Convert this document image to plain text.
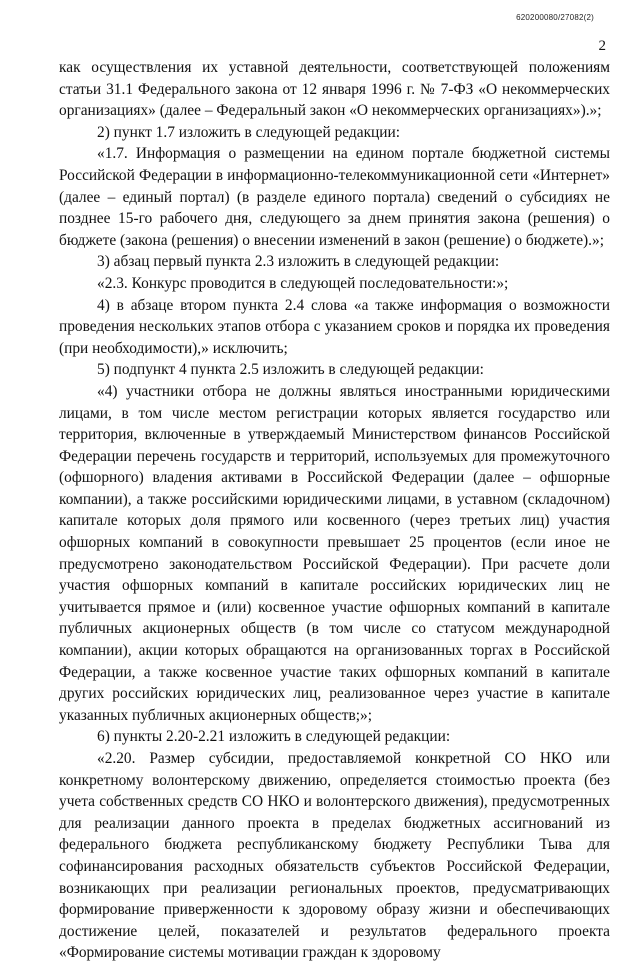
620200080/27082(2)
2

как осуществления их уставной деятельности, соответствующей положениям статьи 31.1 Федерального закона от 12 января 1996 г. № 7-ФЗ «О некоммерческих организациях» (далее – Федеральный закон «О некоммерческих организациях»).»;

2) пункт 1.7 изложить в следующей редакции:

«1.7. Информация о размещении на едином портале бюджетной системы Российской Федерации в информационно-телекоммуникационной сети «Интернет» (далее – единый портал) (в разделе единого портала) сведений о субсидиях не позднее 15-го рабочего дня, следующего за днем принятия закона (решения) о бюджете (закона (решения) о внесении изменений в закон (решение) о бюджете).»;

3) абзац первый пункта 2.3 изложить в следующей редакции:

«2.3. Конкурс проводится в следующей последовательности:»;

4) в абзаце втором пункта 2.4 слова «а также информация о возможности проведения нескольких этапов отбора с указанием сроков и порядка их проведения (при необходимости),» исключить;

5) подпункт 4 пункта 2.5 изложить в следующей редакции:

«4) участники отбора не должны являться иностранными юридическими лицами, в том числе местом регистрации которых является государство или территория, включенные в утверждаемый Министерством финансов Российской Федерации перечень государств и территорий, используемых для промежуточного (офшорного) владения активами в Российской Федерации (далее – офшорные компании), а также российскими юридическими лицами, в уставном (складочном) капитале которых доля прямого или косвенного (через третьих лиц) участия офшорных компаний в совокупности превышает 25 процентов (если иное не предусмотрено законодательством Российской Федерации). При расчете доли участия офшорных компаний в капитале российских юридических лиц не учитывается прямое и (или) косвенное участие офшорных компаний в капитале публичных акционерных обществ (в том числе со статусом международной компании), акции которых обращаются на организованных торгах в Российской Федерации, а также косвенное участие таких офшорных компаний в капитале других российских юридических лиц, реализованное через участие в капитале указанных публичных акционерных обществ;»;

6) пункты 2.20-2.21 изложить в следующей редакции:

«2.20. Размер субсидии, предоставляемой конкретной СО НКО или конкретному волонтерскому движению, определяется стоимостью проекта (без учета собственных средств СО НКО и волонтерского движения), предусмотренных для реализации данного проекта в пределах бюджетных ассигнований из федерального бюджета республиканскому бюджету Республики Тыва для софинансирования расходных обязательств субъектов Российской Федерации, возникающих при реализации региональных проектов, предусматривающих формирование приверженности к здоровому образу жизни и обеспечивающих достижение целей, показателей и результатов федерального проекта «Формирование системы мотивации граждан к здоровому
